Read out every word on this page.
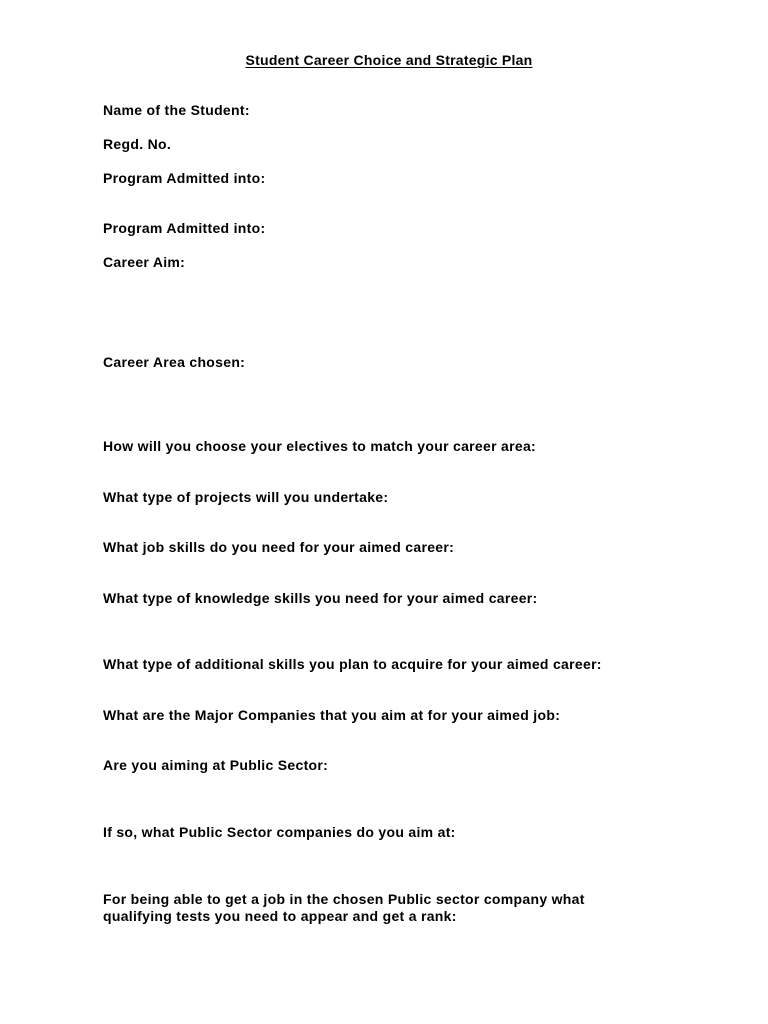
Student Career Choice and Strategic Plan
Name of the Student:
Regd. No.
Program Admitted into:
Program Admitted into:
Career Aim:
Career Area chosen:
How will you choose your electives to match your career area:
What type of projects will you undertake:
What job skills do you need for your aimed career:
What type of knowledge skills you need for your aimed career:
What type of additional skills you plan to acquire for your aimed career:
What are the Major Companies that you aim at for your aimed job:
Are you aiming at Public Sector:
If so, what Public Sector companies do you aim at:
For being able to get a job in the chosen Public sector company what
qualifying tests you need to appear and get a rank:
